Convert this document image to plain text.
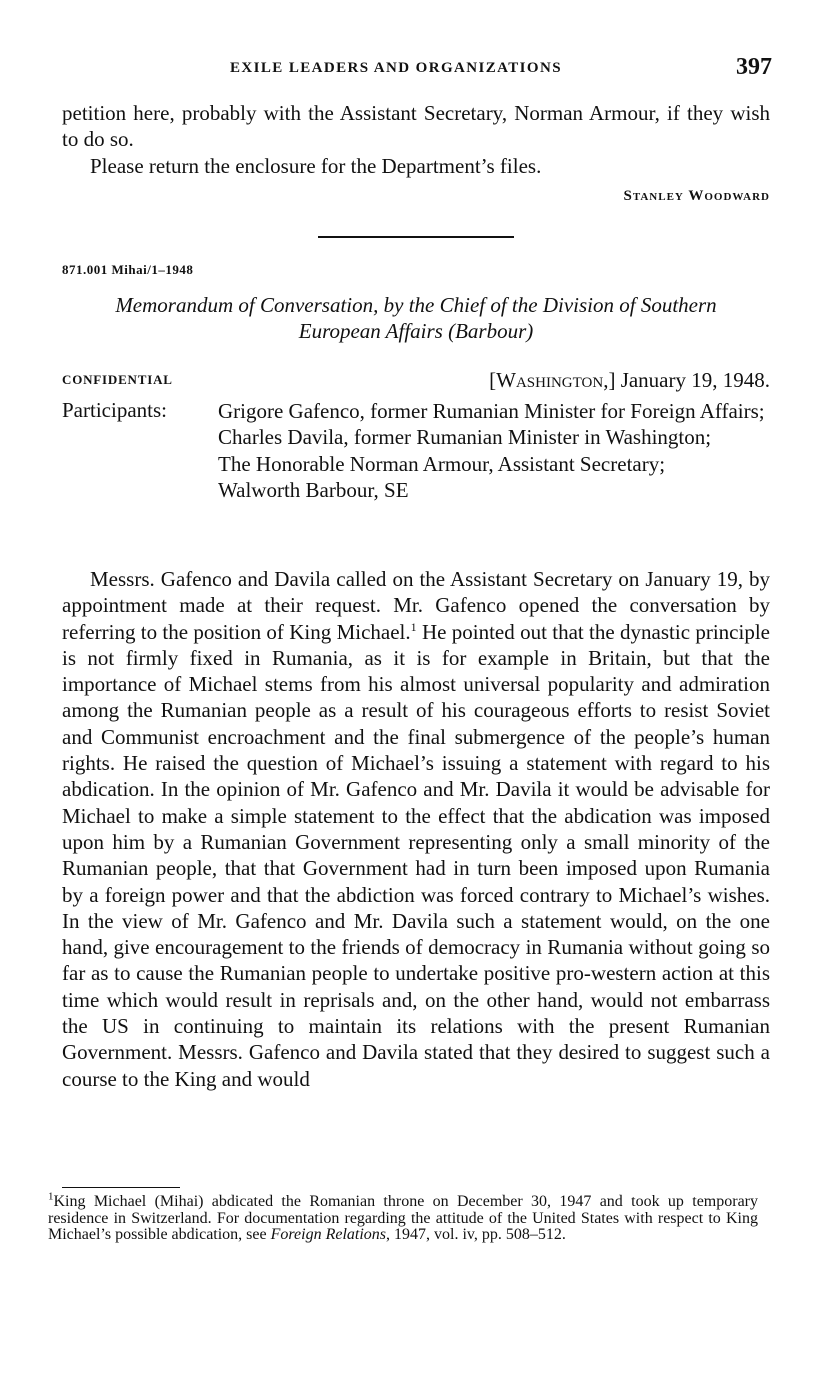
EXILE LEADERS AND ORGANIZATIONS	397

petition here, probably with the Assistant Secretary, Norman Armour, if they wish to do so.

Please return the enclosure for the Department’s files.

Stanley Woodward
871.001 Mihai/1–1948
Memorandum of Conversation, by the Chief of the Division of Southern European Affairs (Barbour)
CONFIDENTIAL	[Washington,] January 19, 1948.
Participants: Grigore Gafenco, former Rumanian Minister for Foreign Affairs;

Charles Davila, former Rumanian Minister in Washington;

The Honorable Norman Armour, Assistant Secretary;

Walworth Barbour, SE

Messrs. Gafenco and Davila called on the Assistant Secretary on January 19, by appointment made at their request. Mr. Gafenco opened the conversation by referring to the position of King Michael.$^1$ He pointed out that the dynastic principle is not firmly fixed in Rumania, as it is for example in Britain, but that the importance of Michael stems from his almost universal popularity and admiration among the Rumanian people as a result of his courageous efforts to resist Soviet and Communist encroachment and the final submergence of the people’s human rights. He raised the question of Michael’s issuing a statement with regard to his abdication. In the opinion of Mr. Gafenco and Mr. Davila it would be advisable for Michael to make a simple statement to the effect that the abdication was imposed upon him by a Rumanian Government representing only a small minority of the Rumanian people, that that Government had in turn been imposed upon Rumania by a foreign power and that the abdiction was forced contrary to Michael’s wishes. In the view of Mr. Gafenco and Mr. Davila such a statement would, on the one hand, give encouragement to the friends of democracy in Rumania without going so far as to cause the Rumanian people to undertake positive pro-western action at this time which would result in reprisals and, on the other hand, would not embarrass the US in continuing to maintain its relations with the present Rumanian Government. Messrs. Gafenco and Davila stated that they desired to suggest such a course to the King and would

$^1$King Michael (Mihai) abdicated the Romanian throne on December 30, 1947 and took up temporary residence in Switzerland. For documentation regarding the attitude of the United States with respect to King Michael’s possible abdication, see Foreign Relations, 1947, vol. iv, pp. 508–512.
